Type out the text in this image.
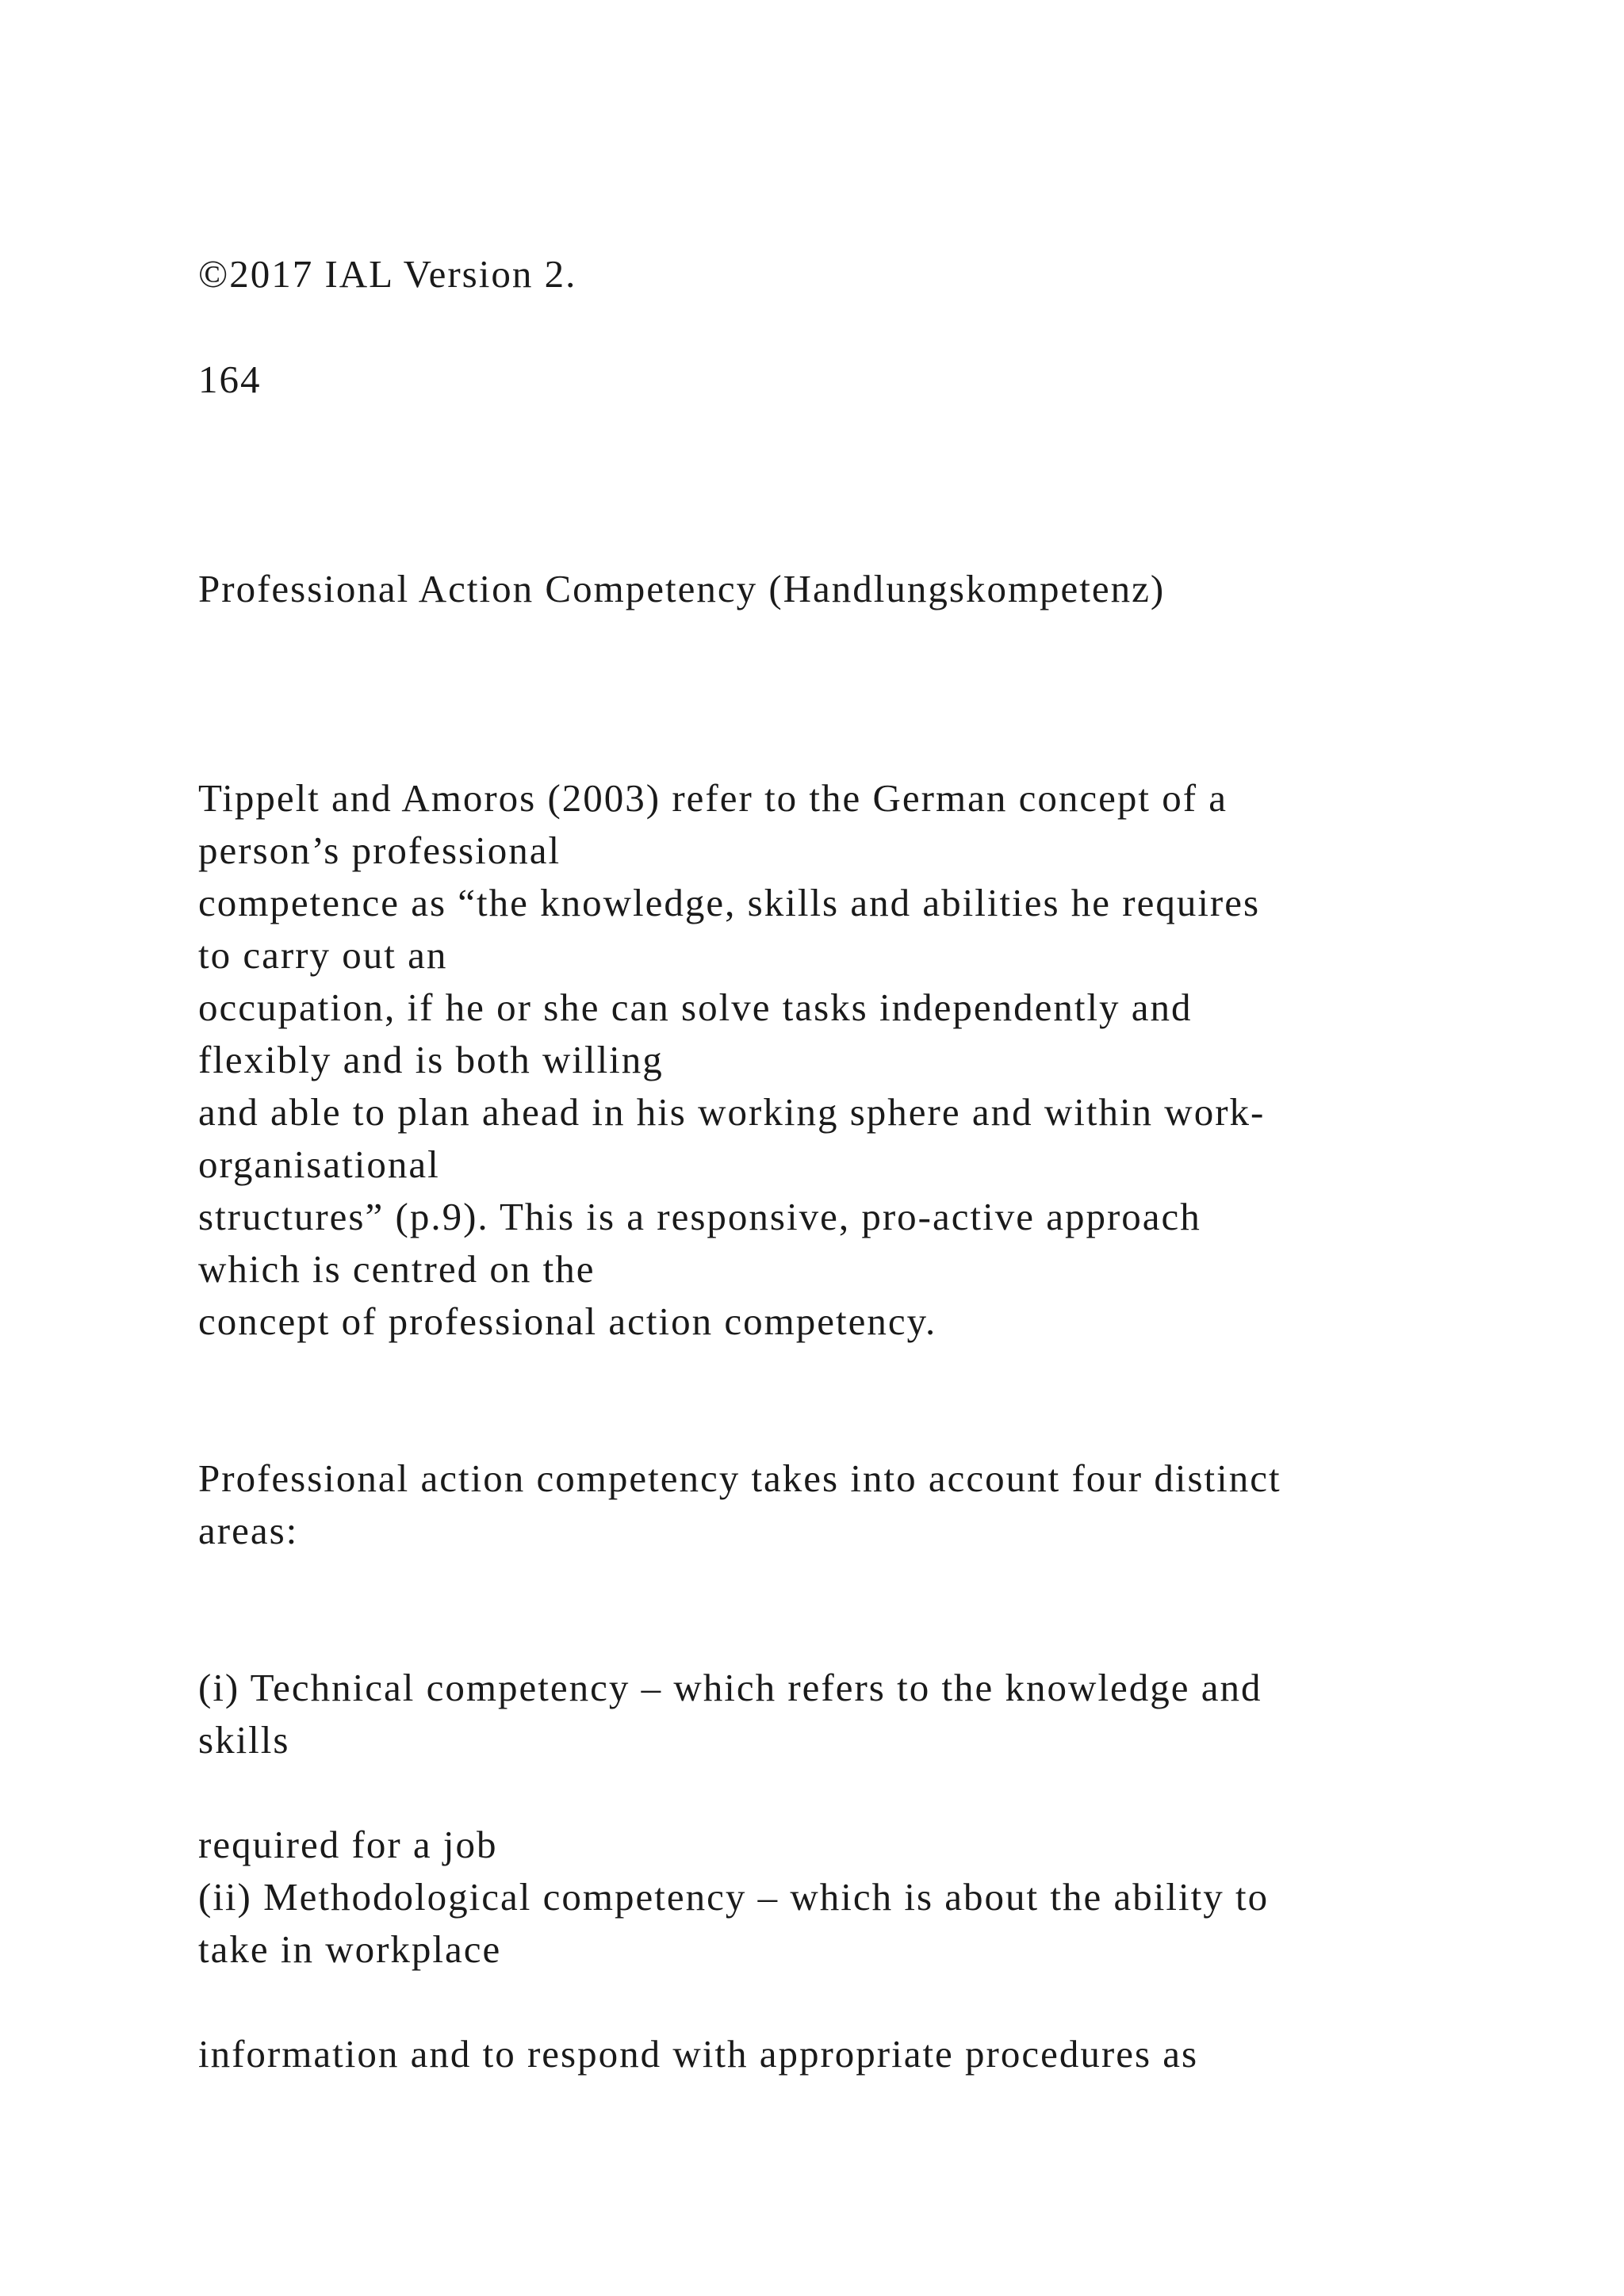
©2017 IAL Version 2.

164

Professional Action Competency (Handlungskompetenz)

Tippelt and Amoros (2003) refer to the German concept of a

person’s professional

competence as “the knowledge, skills and abilities he requires

to carry out an

occupation, if he or she can solve tasks independently and

flexibly and is both willing

and able to plan ahead in his working sphere and within work-

organisational

structures” (p.9). This is a responsive, pro-active approach

which is centred on the

concept of professional action competency.

Professional action competency takes into account four distinct

areas:

(i) Technical competency – which refers to the knowledge and

skills

required for a job

(ii) Methodological competency – which is about the ability to

take in workplace

information and to respond with appropriate procedures as
